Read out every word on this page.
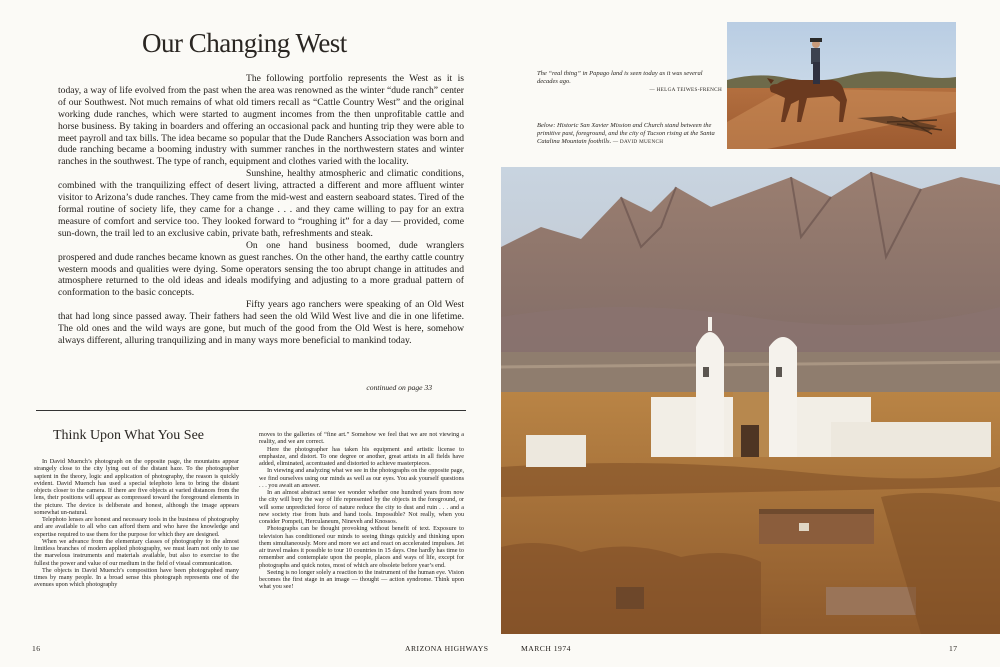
Our Changing West

The following portfolio represents the West as it is today, a way of life evolved from the past when the area was renowned as the winter “dude ranch” center of our Southwest. Not much remains of what old timers recall as “Cattle Country West” and the original working dude ranches, which were started to augment incomes from the then unprofitable cattle and horse business. By taking in boarders and offering an occasional pack and hunting trip they were able to meet payroll and tax bills. The idea became so popular that the Dude Ranchers Association was born and dude ranching became a booming industry with summer ranches in the northwestern states and winter ranches in the southwest. The type of ranch, equipment and clothes varied with the locality.

Sunshine, healthy atmospheric and climatic conditions, combined with the tranquilizing effect of desert living, attracted a different and more affluent winter visitor to Arizona’s dude ranches. They came from the mid-west and eastern seaboard states. Tired of the formal routine of society life, they came for a change . . . and they came willing to pay for an extra measure of comfort and service too. They looked forward to “roughing it” for a day — provided, come sun-down, the trail led to an exclusive cabin, private bath, refreshments and steak.

On one hand business boomed, dude wranglers prospered and dude ranches became known as guest ranches. On the other hand, the earthy cattle country western moods and qualities were dying. Some operators sensing the too abrupt change in attitudes and atmosphere returned to the old ideas and ideals modifying and adjusting to a more gradual pattern of conformation to the basic concepts.

Fifty years ago ranchers were speaking of an Old West that had long since passed away. Their fathers had seen the old Wild West live and die in one lifetime. The old ones and the wild ways are gone, but much of the good from the Old West is here, somehow always different, alluring tranquilizing and in many ways more beneficial to mankind today.

continued on page 33
Think Upon What You See

In David Muench’s photograph on the opposite page, the mountains appear strangely close to the city lying out of the distant haze. To the photographer sapient in the theory, logic and application of photography, the reason is quickly evident. David Muench has used a special telephoto lens to bring the distant objects closer to the camera. If there are five objects at varied distances from the lens, their positions will appear as compressed toward the foreground elements in the picture. The device is deliberate and honest, although the image appears somewhat un-natural.

Telephoto lenses are honest and necessary tools in the business of photography and are available to all who can afford them and who have the knowledge and expertise required to use them for the purpose for which they are designed.

When we advance from the elementary classes of photography to the almost limitless branches of modern applied photography, we must learn not only to use the marvelous instruments and materials available, but also to exercise to the fullest the power and value of our medium in the field of visual communication.

The objects in David Muench’s composition have been photographed many times by many people. In a broad sense this photograph represents one of the avenues upon which photography

moves to the galleries of “fine art.” Somehow we feel that we are not viewing a reality, and we are correct.

Here the photographer has taken his equipment and artistic license to emphasize, and distort. To one degree or another, great artists in all fields have added, eliminated, accentuated and distorted to achieve masterpieces.

In viewing and analyzing what we see in the photographs on the opposite page, we find ourselves using our minds as well as our eyes. You ask yourself questions . . . you await an answer.

In an almost abstract sense we wonder whether one hundred years from now the city will bury the way of life represented by the objects in the foreground, or will some unpredicted force of nature reduce the city to dust and ruin . . . and a new society rise from huts and hand tools. Impossible? Not really, when you consider Pompeii, Herculaneum, Nineveh and Knossos.

Photographs can be thought provoking without benefit of text. Exposure to television has conditioned our minds to seeing things quickly and thinking upon them simultaneously. More and more we act and react on accelerated impulses. Jet air travel makes it possible to tour 10 countries in 15 days. One hardly has time to remember and contemplate upon the people, places and ways of life, except for photographs and quick notes, most of which are obsolete before year’s end.

Seeing is no longer solely a reaction to the instrument of the human eye. Vision becomes the first stage in an image — thought — action syndrome. Think upon what you see!

16	ARIZONA HIGHWAYS
The “real thing” in Papago land is seen today as it was several decades ago.

— HELGA TEIWES-FRENCH
Below: Historic San Xavier Mission and Church stand between the primitive past, foreground, and the city of Tucson rising at the Santa Catalina Mountain foothills. — DAVID MUENCH
MARCH 1974	17
